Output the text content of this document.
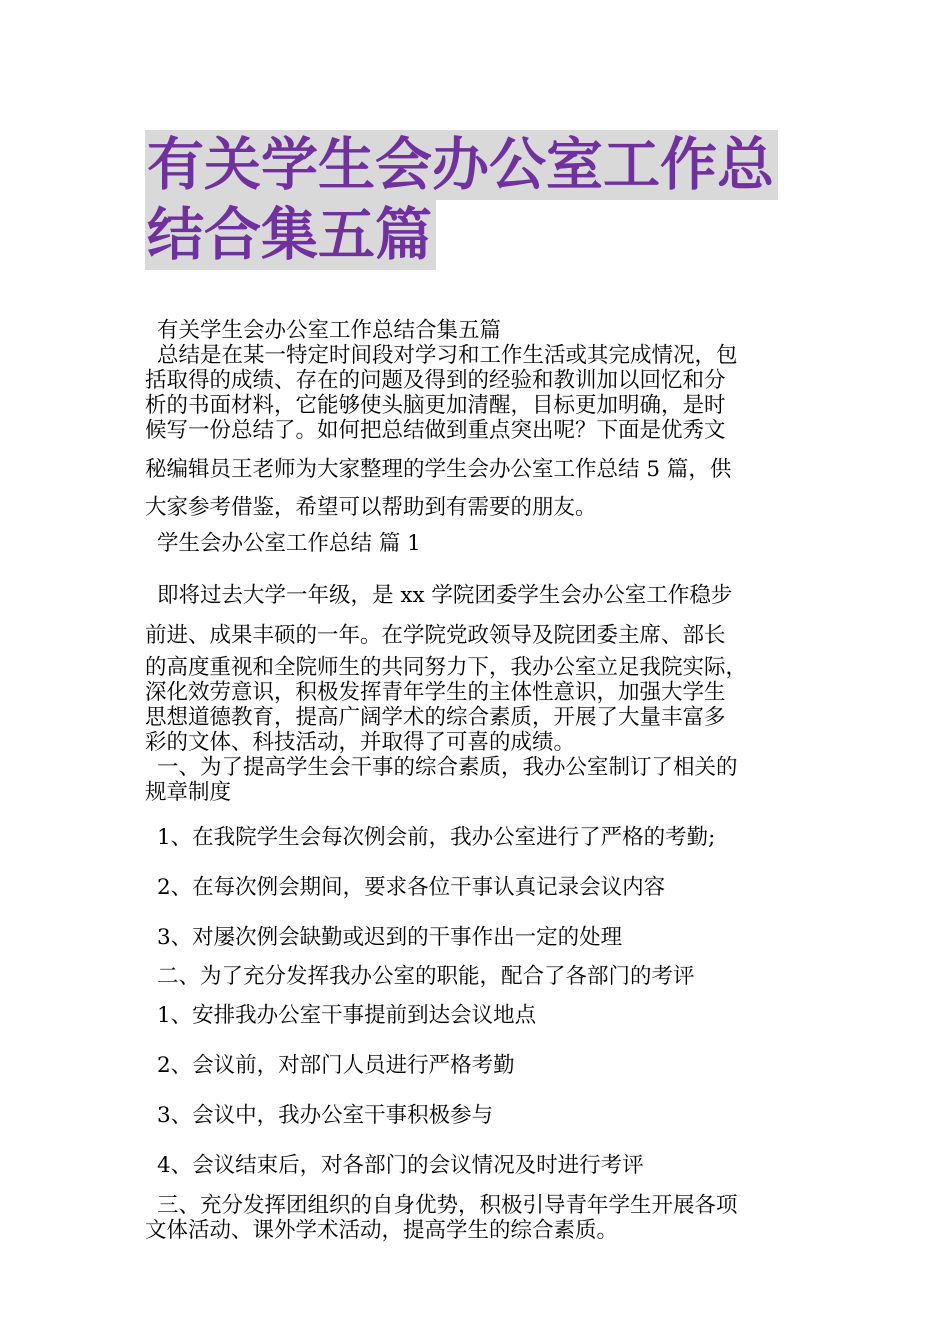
有关学生会办公室工作总
结合集五篇

有关学生会办公室工作总结合集五篇

总结是在某一特定时间段对学习和工作生活或其完成情况，包

括取得的成绩、存在的问题及得到的经验和教训加以回忆和分

析的书面材料，它能够使头脑更加清醒，目标更加明确，是时

候写一份总结了。如何把总结做到重点突出呢？下面是优秀文

秘编辑员王老师为大家整理的学生会办公室工作总结 5 篇，供

大家参考借鉴，希望可以帮助到有需要的朋友。

学生会办公室工作总结 篇 1

即将过去大学一年级，是 xx 学院团委学生会办公室工作稳步

前进、成果丰硕的一年。在学院党政领导及院团委主席、部长

的高度重视和全院师生的共同努力下，我办公室立足我院实际，

深化效劳意识，积极发挥青年学生的主体性意识，加强大学生

思想道德教育，提高广阔学术的综合素质，开展了大量丰富多

彩的文体、科技活动，并取得了可喜的成绩。

一、为了提高学生会干事的综合素质，我办公室制订了相关的

规章制度

1、在我院学生会每次例会前，我办公室进行了严格的考勤;

2、在每次例会期间，要求各位干事认真记录会议内容

3、对屡次例会缺勤或迟到的干事作出一定的处理

二、为了充分发挥我办公室的职能，配合了各部门的考评

1、安排我办公室干事提前到达会议地点

2、会议前，对部门人员进行严格考勤

3、会议中，我办公室干事积极参与

4、会议结束后，对各部门的会议情况及时进行考评

三、充分发挥团组织的自身优势，积极引导青年学生开展各项

文体活动、课外学术活动，提高学生的综合素质。
